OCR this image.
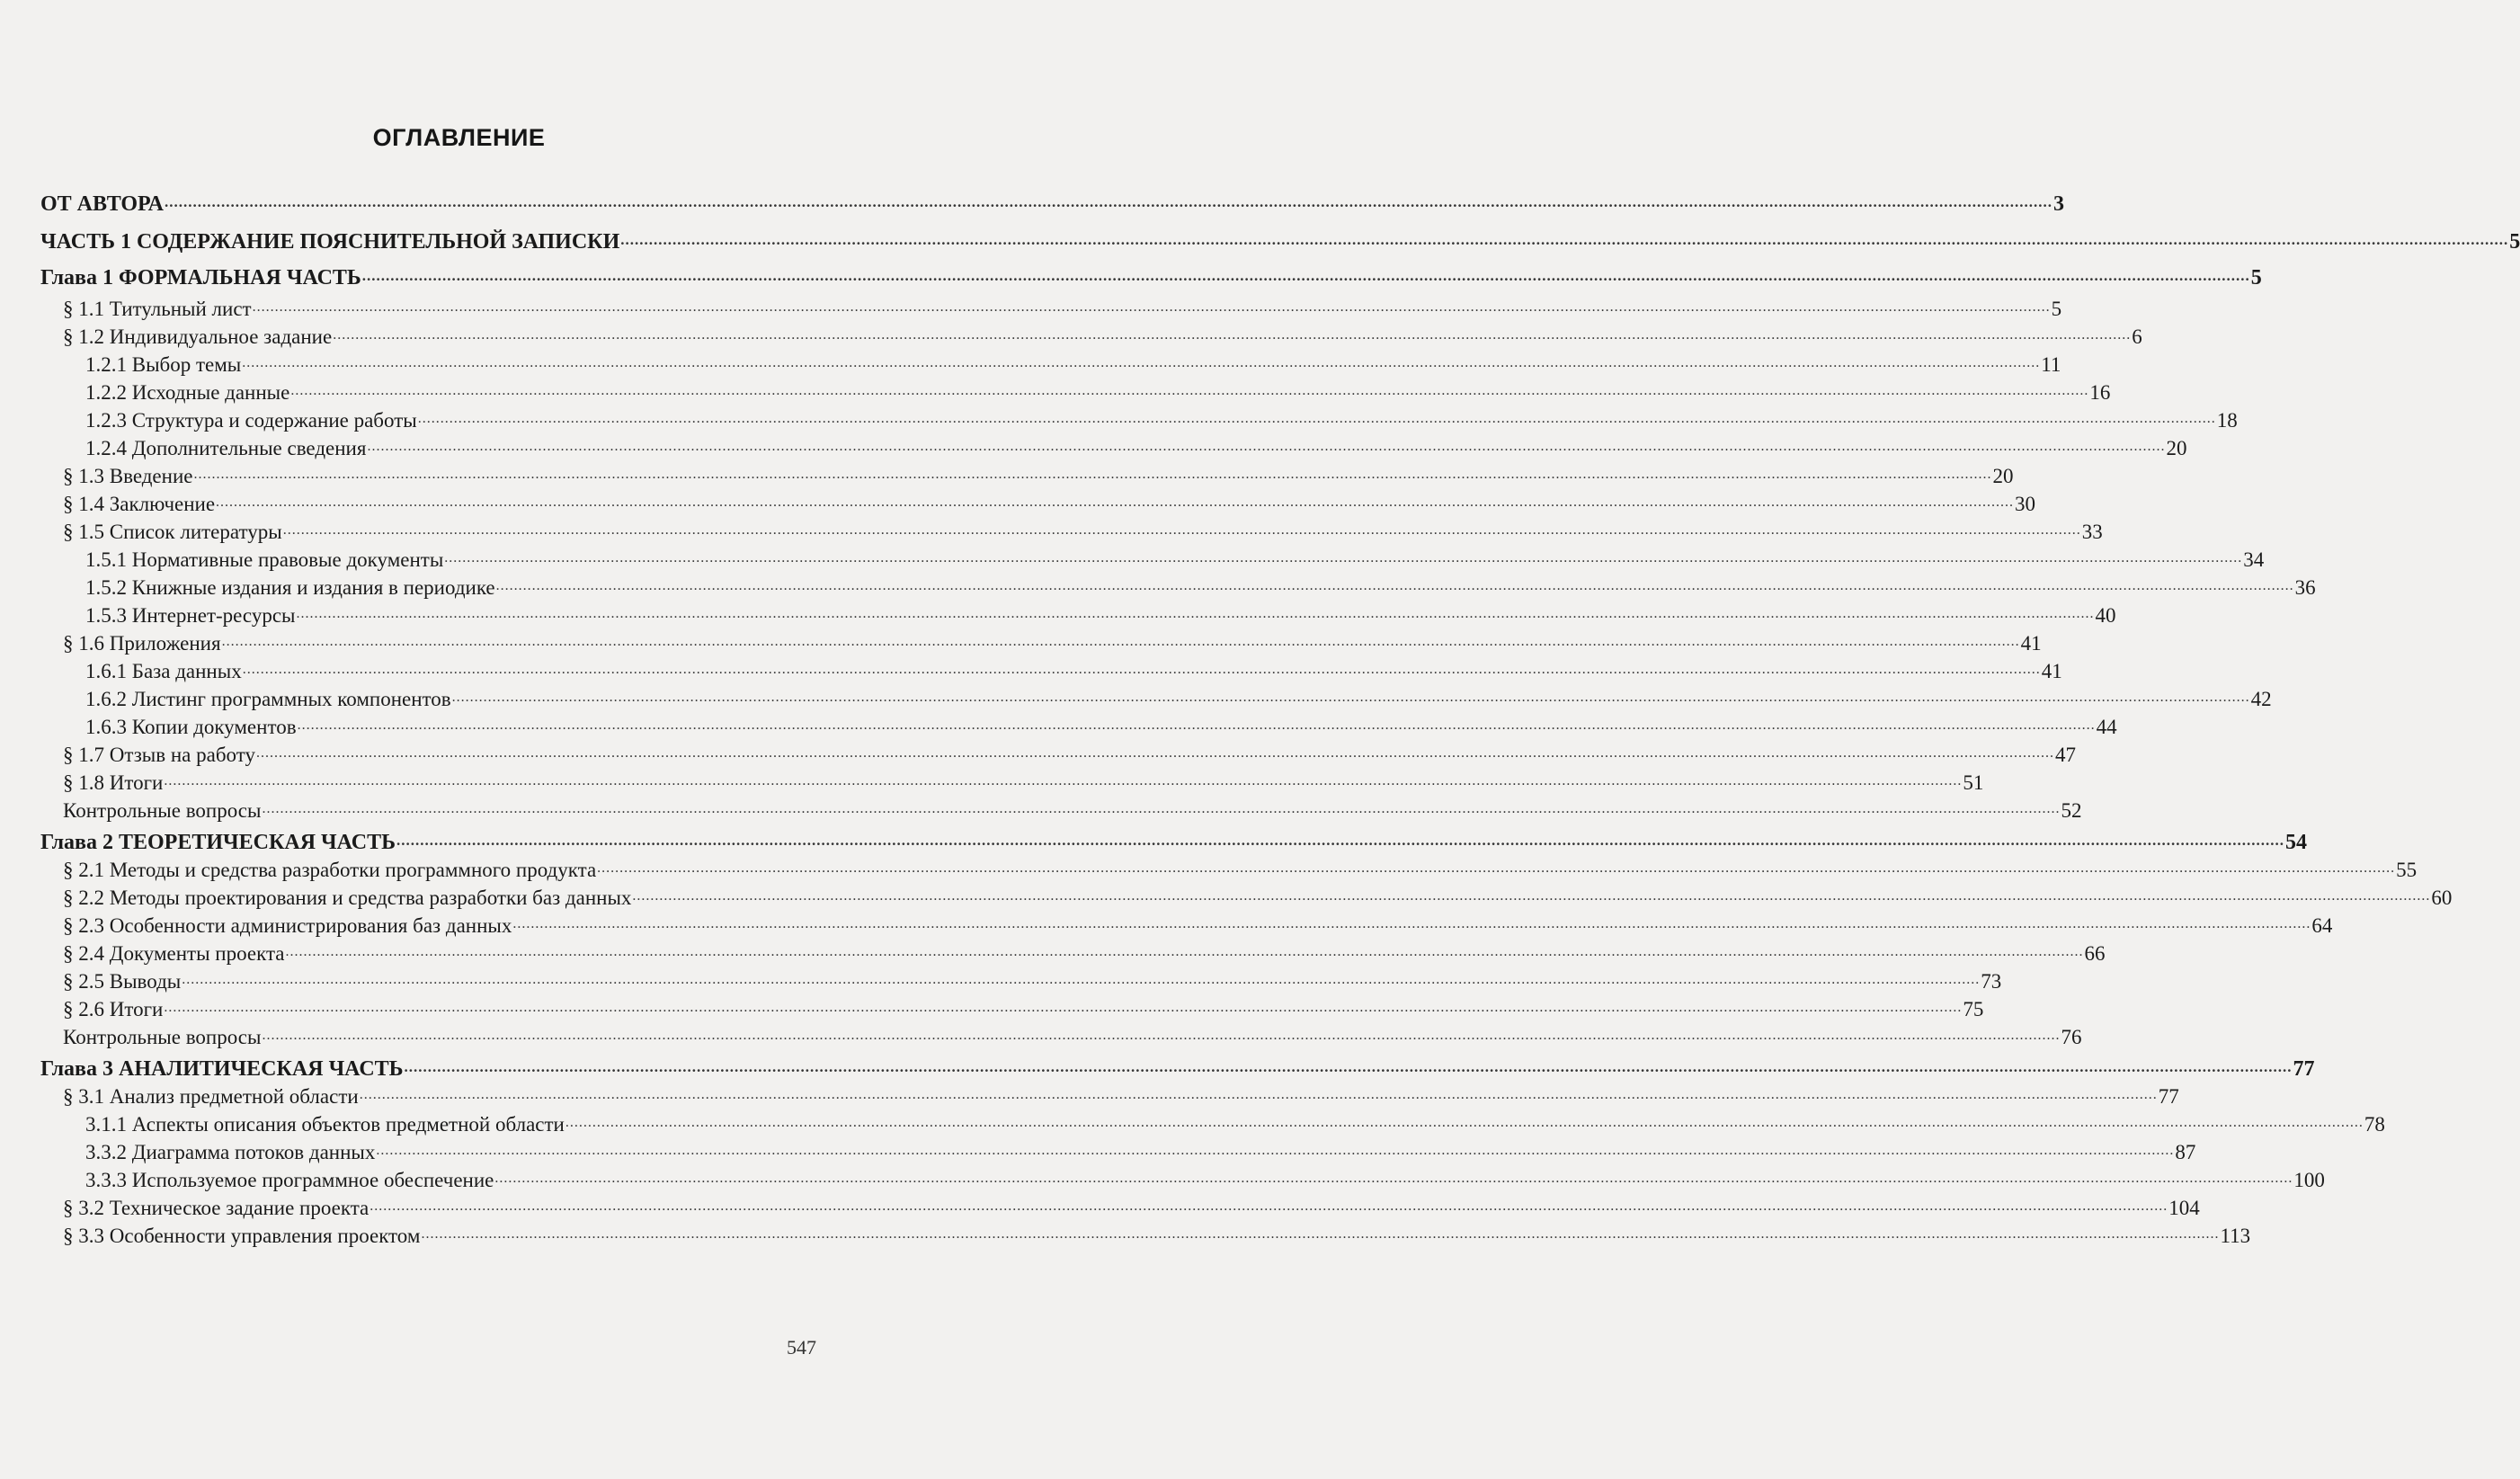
ОГЛАВЛЕНИЕ
ОТ АВТОРА ................................................................................................................................................................................................................................................................................................................................................................................................................ 3
ЧАСТЬ 1 СОДЕРЖАНИЕ ПОЯСНИТЕЛЬНОЙ ЗАПИСКИ ................................................................................................................................................................................................................................................................................................................................................................................................................ 5
Глава 1 ФОРМАЛЬНАЯ ЧАСТЬ ................................................................................................................................................................................................................................................................................................................................................................................................................ 5
§ 1.1 Титульный лист ................................................................................................................................................................................................................................................................................................................................................................................................................ 5
§ 1.2 Индивидуальное задание ................................................................................................................................................................................................................................................................................................................................................................................................................ 6
1.2.1 Выбор темы ................................................................................................................................................................................................................................................................................................................................................................................................................ 11
1.2.2 Исходные данные ................................................................................................................................................................................................................................................................................................................................................................................................................ 16
1.2.3 Структура и содержание работы ................................................................................................................................................................................................................................................................................................................................................................................................................ 18
1.2.4 Дополнительные сведения ................................................................................................................................................................................................................................................................................................................................................................................................................ 20
§ 1.3 Введение ................................................................................................................................................................................................................................................................................................................................................................................................................ 20
§ 1.4 Заключение ................................................................................................................................................................................................................................................................................................................................................................................................................ 30
§ 1.5 Список литературы ................................................................................................................................................................................................................................................................................................................................................................................................................ 33
1.5.1 Нормативные правовые документы ................................................................................................................................................................................................................................................................................................................................................................................................................ 34
1.5.2 Книжные издания и издания в периодике ................................................................................................................................................................................................................................................................................................................................................................................................................ 36
1.5.3 Интернет-ресурсы ................................................................................................................................................................................................................................................................................................................................................................................................................ 40
§ 1.6 Приложения ................................................................................................................................................................................................................................................................................................................................................................................................................ 41
1.6.1 База данных ................................................................................................................................................................................................................................................................................................................................................................................................................ 41
1.6.2 Листинг программных компонентов ................................................................................................................................................................................................................................................................................................................................................................................................................ 42
1.6.3 Копии документов ................................................................................................................................................................................................................................................................................................................................................................................................................ 44
§ 1.7 Отзыв на работу ................................................................................................................................................................................................................................................................................................................................................................................................................ 47
§ 1.8 Итоги ................................................................................................................................................................................................................................................................................................................................................................................................................ 51
Контрольные вопросы ................................................................................................................................................................................................................................................................................................................................................................................................................ 52
Глава 2 ТЕОРЕТИЧЕСКАЯ ЧАСТЬ ................................................................................................................................................................................................................................................................................................................................................................................................................ 54
§ 2.1 Методы и средства разработки программного продукта ................................................................................................................................................................................................................................................................................................................................................................................................................ 55
§ 2.2 Методы проектирования и средства разработки баз данных ................................................................................................................................................................................................................................................................................................................................................................................................................ 60
§ 2.3 Особенности администрирования баз данных ................................................................................................................................................................................................................................................................................................................................................................................................................ 64
§ 2.4 Документы проекта ................................................................................................................................................................................................................................................................................................................................................................................................................ 66
§ 2.5 Выводы ................................................................................................................................................................................................................................................................................................................................................................................................................ 73
§ 2.6 Итоги ................................................................................................................................................................................................................................................................................................................................................................................................................ 75
Контрольные вопросы ................................................................................................................................................................................................................................................................................................................................................................................................................ 76
Глава 3 АНАЛИТИЧЕСКАЯ ЧАСТЬ ................................................................................................................................................................................................................................................................................................................................................................................................................ 77
§ 3.1 Анализ предметной области ................................................................................................................................................................................................................................................................................................................................................................................................................ 77
3.1.1 Аспекты описания объектов предметной области ................................................................................................................................................................................................................................................................................................................................................................................................................ 78
3.3.2 Диаграмма потоков данных ................................................................................................................................................................................................................................................................................................................................................................................................................ 87
3.3.3 Используемое программное обеспечение ................................................................................................................................................................................................................................................................................................................................................................................................................ 100
§ 3.2 Техническое задание проекта ................................................................................................................................................................................................................................................................................................................................................................................................................ 104
§ 3.3 Особенности управления проектом ................................................................................................................................................................................................................................................................................................................................................................................................................ 113
547
